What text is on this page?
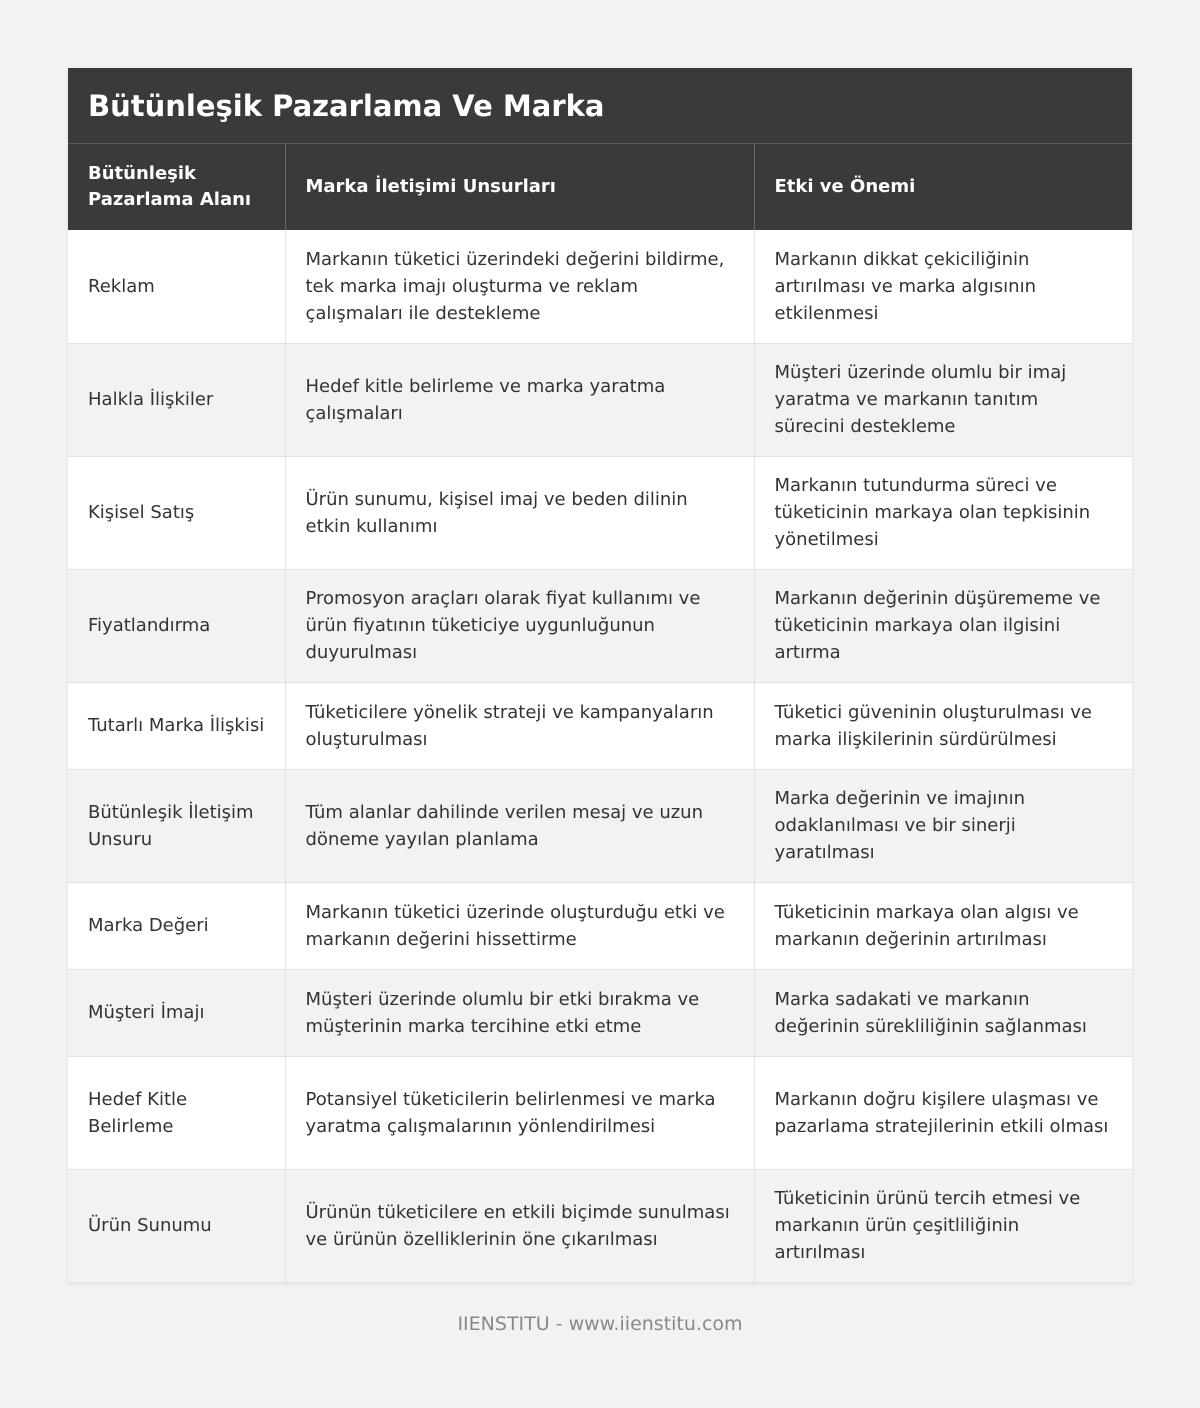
Bütünleşik Pazarlama Ve Marka
Bütünleşik Pazarlama Alanı	Marka İletişimi Unsurları	Etki ve Önemi
Reklam	Markanın tüketici üzerindeki değerini bildirme, tek marka imajı oluşturma ve reklam çalışmaları ile destekleme	Markanın dikkat çekiciliğinin artırılması ve marka algısının etkilenmesi
Halkla İlişkiler	Hedef kitle belirleme ve marka yaratma çalışmaları	Müşteri üzerinde olumlu bir imaj yaratma ve markanın tanıtım sürecini destekleme
Kişisel Satış	Ürün sunumu, kişisel imaj ve beden dilinin etkin kullanımı	Markanın tutundurma süreci ve tüketicinin markaya olan tepkisinin yönetilmesi
Fiyatlandırma	Promosyon araçları olarak fiyat kullanımı ve ürün fiyatının tüketiciye uygunluğunun duyurulması	Markanın değerinin düşürememe ve tüketicinin markaya olan ilgisini artırma
Tutarlı Marka İlişkisi	Tüketicilere yönelik strateji ve kampanyaların oluşturulması	Tüketici güveninin oluşturulması ve marka ilişkilerinin sürdürülmesi
Bütünleşik İletişim Unsuru	Tüm alanlar dahilinde verilen mesaj ve uzun döneme yayılan planlama	Marka değerinin ve imajının odaklanılması ve bir sinerji yaratılması
Marka Değeri	Markanın tüketici üzerinde oluşturduğu etki ve markanın değerini hissettirme	Tüketicinin markaya olan algısı ve markanın değerinin artırılması
Müşteri İmajı	Müşteri üzerinde olumlu bir etki bırakma ve müşterinin marka tercihine etki etme	Marka sadakati ve markanın değerinin sürekliliğinin sağlanması
Hedef Kitle Belirleme	Potansiyel tüketicilerin belirlenmesi ve marka yaratma çalışmalarının yönlendirilmesi	Markanın doğru kişilere ulaşması ve pazarlama stratejilerinin etkili olması
Ürün Sunumu	Ürünün tüketicilere en etkili biçimde sunulması ve ürünün özelliklerinin öne çıkarılması	Tüketicinin ürünü tercih etmesi ve markanın ürün çeşitliliğinin artırılması
IIENSTITU - www.iienstitu.com
